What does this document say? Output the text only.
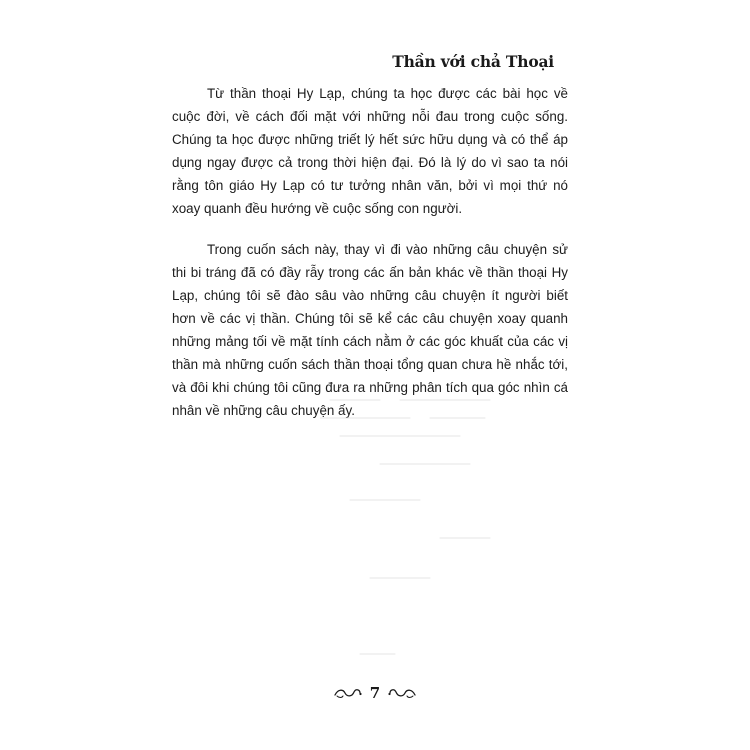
Thần với chả Thoại

Từ thần thoại Hy Lạp, chúng ta học được các bài học về cuộc đời, về cách đối mặt với những nỗi đau trong cuộc sống. Chúng ta học được những triết lý hết sức hữu dụng và có thể áp dụng ngay được cả trong thời hiện đại. Đó là lý do vì sao ta nói rằng tôn giáo Hy Lạp có tư tưởng nhân văn, bởi vì mọi thứ nó xoay quanh đều hướng về cuộc sống con người.

Trong cuốn sách này, thay vì đi vào những câu chuyện sử thi bi tráng đã có đầy rẫy trong các ấn bản khác về thần thoại Hy Lạp, chúng tôi sẽ đào sâu vào những câu chuyện ít người biết hơn về các vị thần. Chúng tôi sẽ kể các câu chuyện xoay quanh những mảng tối về mặt tính cách nằm ở các góc khuất của các vị thần mà những cuốn sách thần thoại tổng quan chưa hề nhắc tới, và đôi khi chúng tôi cũng đưa ra những phân tích qua góc nhìn cá nhân về những câu chuyện ấy.

7
